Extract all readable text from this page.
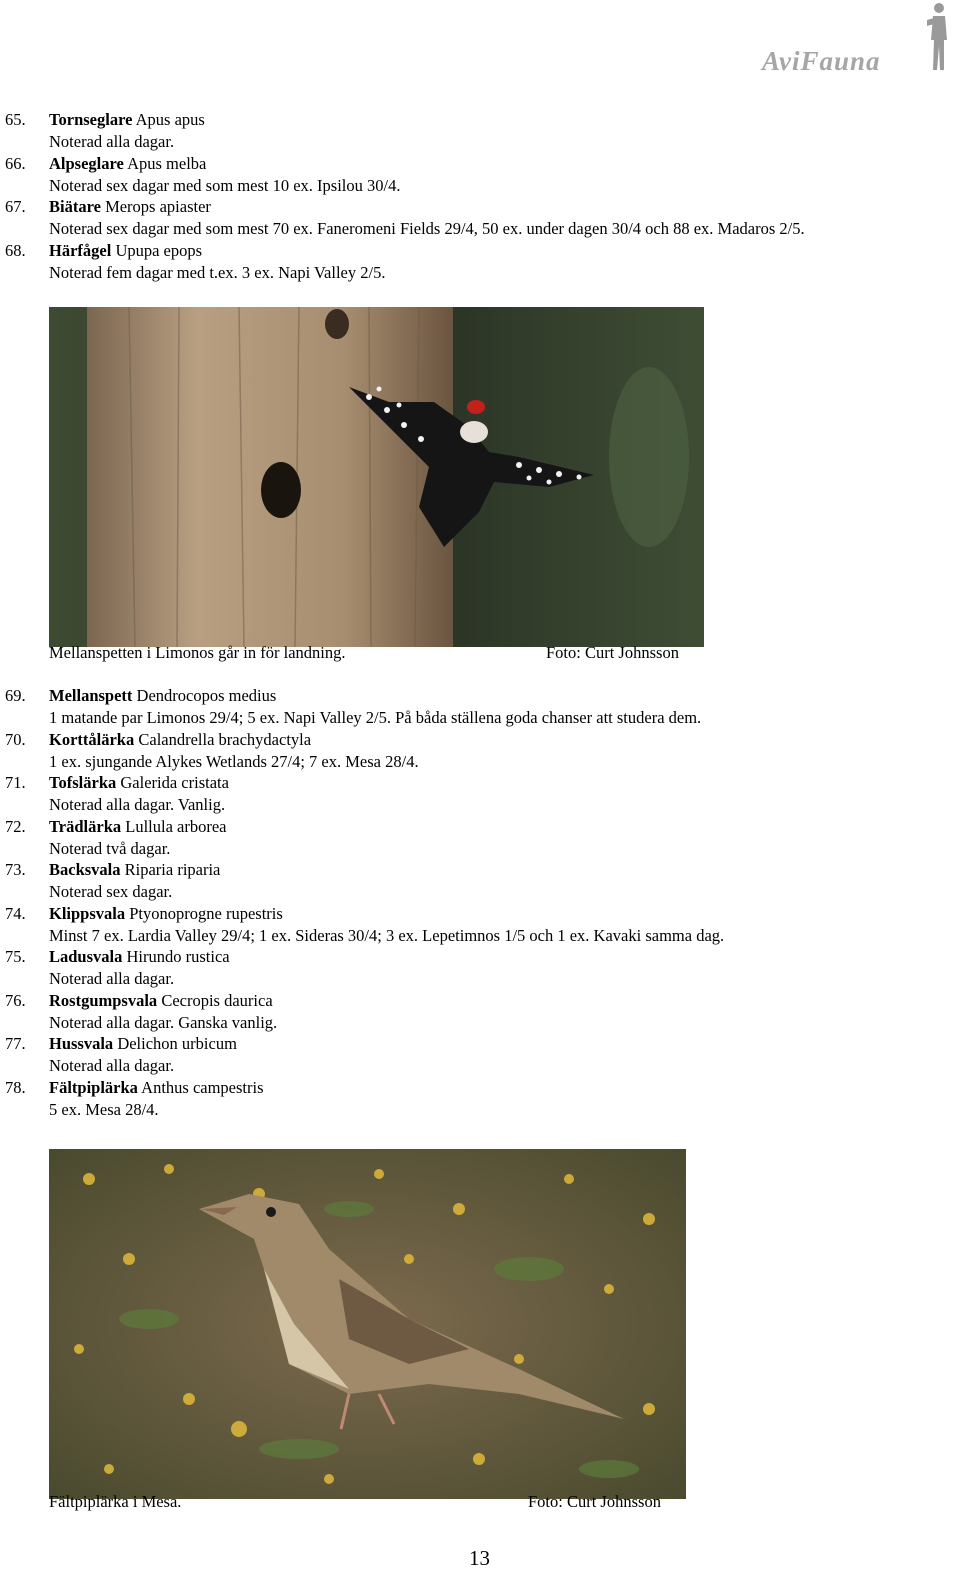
AviFauna
65. Tornseglare Apus apus
Noterad alla dagar.
66. Alpseglare Apus melba
Noterad sex dagar med som mest 10 ex. Ipsilou 30/4.
67. Biätare Merops apiaster
Noterad sex dagar med som mest 70 ex. Faneromeni Fields 29/4, 50 ex. under dagen 30/4 och 88 ex. Madaros 2/5.
68. Härfågel Upupa epops
Noterad fem dagar med t.ex. 3 ex. Napi Valley 2/5.
Mellanspetten i Limonos går in för landning.	Foto: Curt Johnsson
69. Mellanspett Dendrocopos medius
1 matande par Limonos 29/4; 5 ex. Napi Valley 2/5. På båda ställena goda chanser att studera dem.
70. Korttålärka Calandrella brachydactyla
1 ex. sjungande Alykes Wetlands 27/4; 7 ex. Mesa 28/4.
71. Tofslärka Galerida cristata
Noterad alla dagar. Vanlig.
72. Trädlärka Lullula arborea
Noterad två dagar.
73. Backsvala Riparia riparia
Noterad sex dagar.
74. Klippsvala Ptyonoprogne rupestris
Minst 7 ex. Lardia Valley 29/4; 1 ex. Sideras 30/4; 3 ex. Lepetimnos 1/5 och 1 ex. Kavaki samma dag.
75. Ladusvala Hirundo rustica
Noterad alla dagar.
76. Rostgumpsvala Cecropis daurica
Noterad alla dagar. Ganska vanlig.
77. Hussvala Delichon urbicum
Noterad alla dagar.
78. Fältpiplärka Anthus campestris
5 ex. Mesa 28/4.
Fältpiplärka i Mesa.	Foto: Curt Johnsson
13
